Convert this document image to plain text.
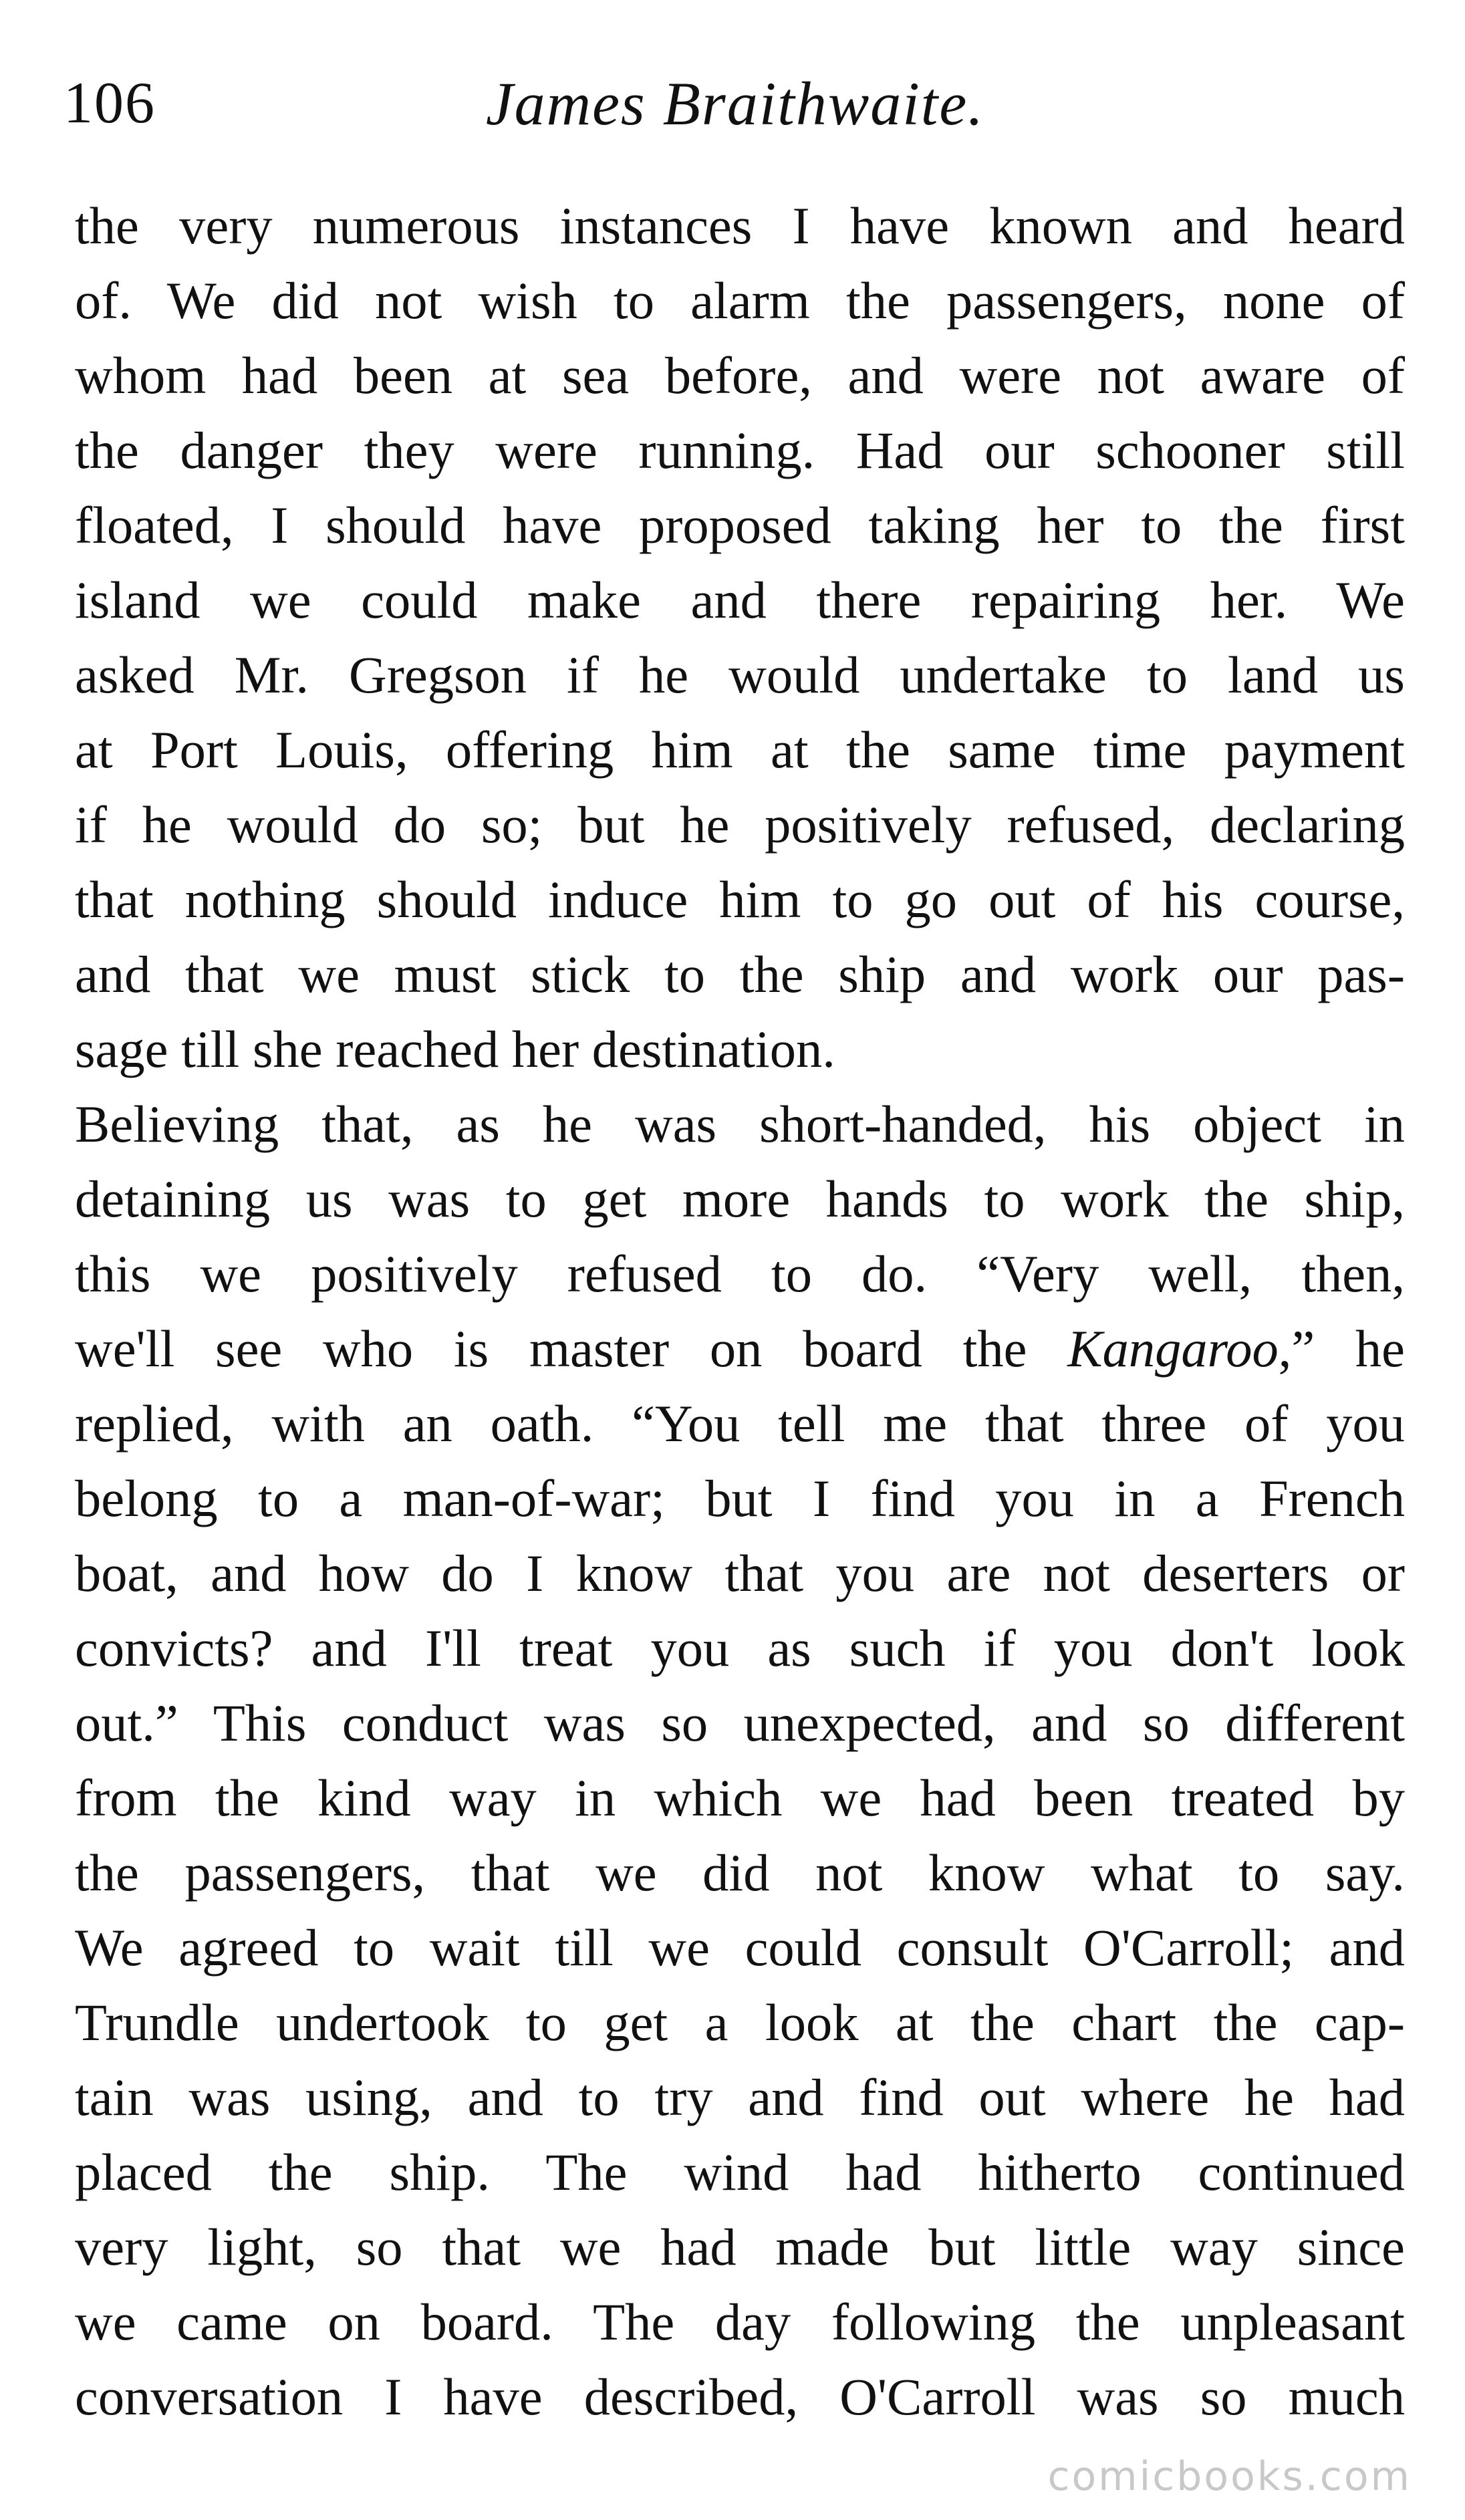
106	James Braithwaite.
the very numerous instances I have known and heard
of. We did not wish to alarm the passengers, none of
whom had been at sea before, and were not aware of
the danger they were running. Had our schooner still
floated, I should have proposed taking her to the first
island we could make and there repairing her. We
asked Mr. Gregson if he would undertake to land us
at Port Louis, offering him at the same time payment
if he would do so; but he positively refused, declaring
that nothing should induce him to go out of his course,
and that we must stick to the ship and work our pas-
sage till she reached her destination.
Believing that, as he was short-handed, his object in
detaining us was to get more hands to work the ship,
this we positively refused to do. “Very well, then,
we'll see who is master on board the Kangaroo,” he
replied, with an oath. “You tell me that three of you
belong to a man-of-war; but I find you in a French
boat, and how do I know that you are not deserters or
convicts? and I'll treat you as such if you don't look
out.” This conduct was so unexpected, and so different
from the kind way in which we had been treated by
the passengers, that we did not know what to say.
We agreed to wait till we could consult O'Carroll; and
Trundle undertook to get a look at the chart the cap-
tain was using, and to try and find out where he had
placed the ship. The wind had hitherto continued
very light, so that we had made but little way since
we came on board. The day following the unpleasant
conversation I have described, O'Carroll was so much
comicbooks.com
